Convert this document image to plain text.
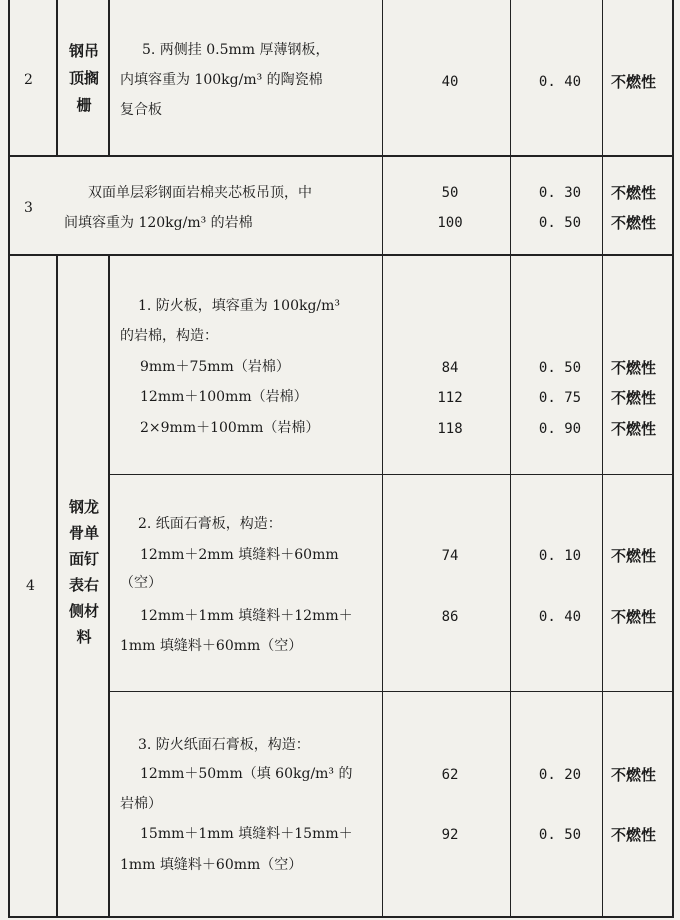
2
钢吊顶搁栅
5. 两侧挂 0.5mm 厚薄钢板，
内填容重为 100kg/m³ 的陶瓷棉
复合板
40	0. 40	不燃性
3
双面单层彩钢面岩棉夹芯板吊顶，中
间填容重为 120kg/m³ 的岩棉
50
100
0. 30
0. 50
不燃性
不燃性
4
钢龙骨单面钉表右侧材料
1. 防火板，填容重为 100kg/m³
的岩棉，构造：
9mm＋75mm（岩棉）
12mm＋100mm（岩棉）
2×9mm＋100mm（岩棉）
84
112
118
0. 50
0. 75
0. 90
不燃性
不燃性
不燃性
2. 纸面石膏板，构造：
12mm＋2mm 填缝料＋60mm
（空）
12mm＋1mm 填缝料＋12mm＋
1mm 填缝料＋60mm（空）
74
86
0. 10
0. 40
不燃性
不燃性
3. 防火纸面石膏板，构造：
12mm＋50mm（填 60kg/m³ 的
岩棉）
15mm＋1mm 填缝料＋15mm＋
1mm 填缝料＋60mm（空）
62
92
0. 20
0. 50
不燃性
不燃性
